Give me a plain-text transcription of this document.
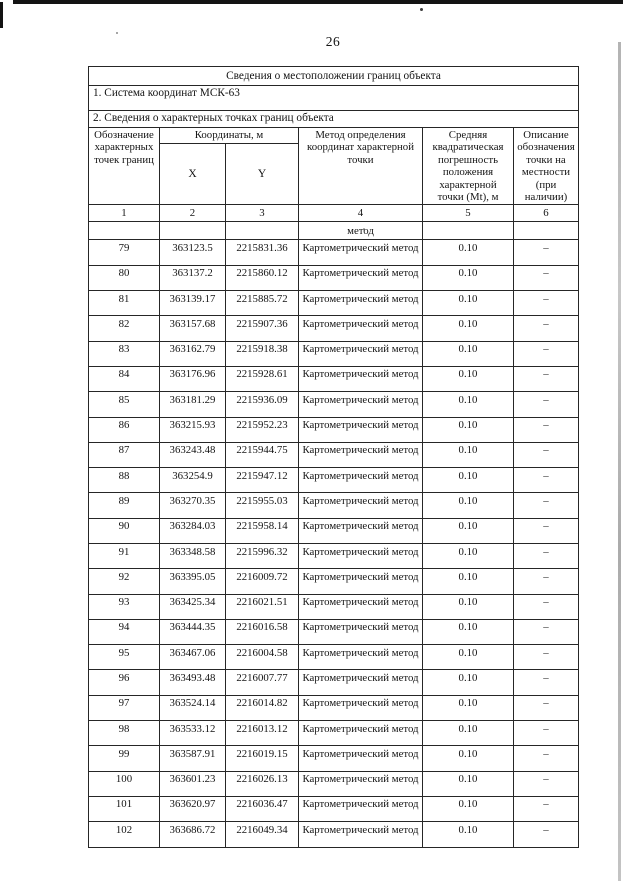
26
Сведения о местоположении границ объекта					
1. Система координат МСК-63					
2. Сведения о характерных точках границ объекта					
Обозначение характерных точек границ	Координаты, м		Метод определения координат характерной точки	Средняя квадратическая погрешность положения характерной точки (Mt), м	Описание обозначения точки на местности (при наличии)
	X	Y			
1	2	3	4	5	6
			метод		
79	363123.5	2215831.36	Картометрический метод	0.10	–
80	363137.2	2215860.12	Картометрический метод	0.10	–
81	363139.17	2215885.72	Картометрический метод	0.10	–
82	363157.68	2215907.36	Картометрический метод	0.10	–
83	363162.79	2215918.38	Картометрический метод	0.10	–
84	363176.96	2215928.61	Картометрический метод	0.10	–
85	363181.29	2215936.09	Картометрический метод	0.10	–
86	363215.93	2215952.23	Картометрический метод	0.10	–
87	363243.48	2215944.75	Картометрический метод	0.10	–
88	363254.9	2215947.12	Картометрический метод	0.10	–
89	363270.35	2215955.03	Картометрический метод	0.10	–
90	363284.03	2215958.14	Картометрический метод	0.10	–
91	363348.58	2215996.32	Картометрический метод	0.10	–
92	363395.05	2216009.72	Картометрический метод	0.10	–
93	363425.34	2216021.51	Картометрический метод	0.10	–
94	363444.35	2216016.58	Картометрический метод	0.10	–
95	363467.06	2216004.58	Картометрический метод	0.10	–
96	363493.48	2216007.77	Картометрический метод	0.10	–
97	363524.14	2216014.82	Картометрический метод	0.10	–
98	363533.12	2216013.12	Картометрический метод	0.10	–
99	363587.91	2216019.15	Картометрический метод	0.10	–
100	363601.23	2216026.13	Картометрический метод	0.10	–
101	363620.97	2216036.47	Картометрический метод	0.10	–
102	363686.72	2216049.34	Картометрический метод	0.10	–
